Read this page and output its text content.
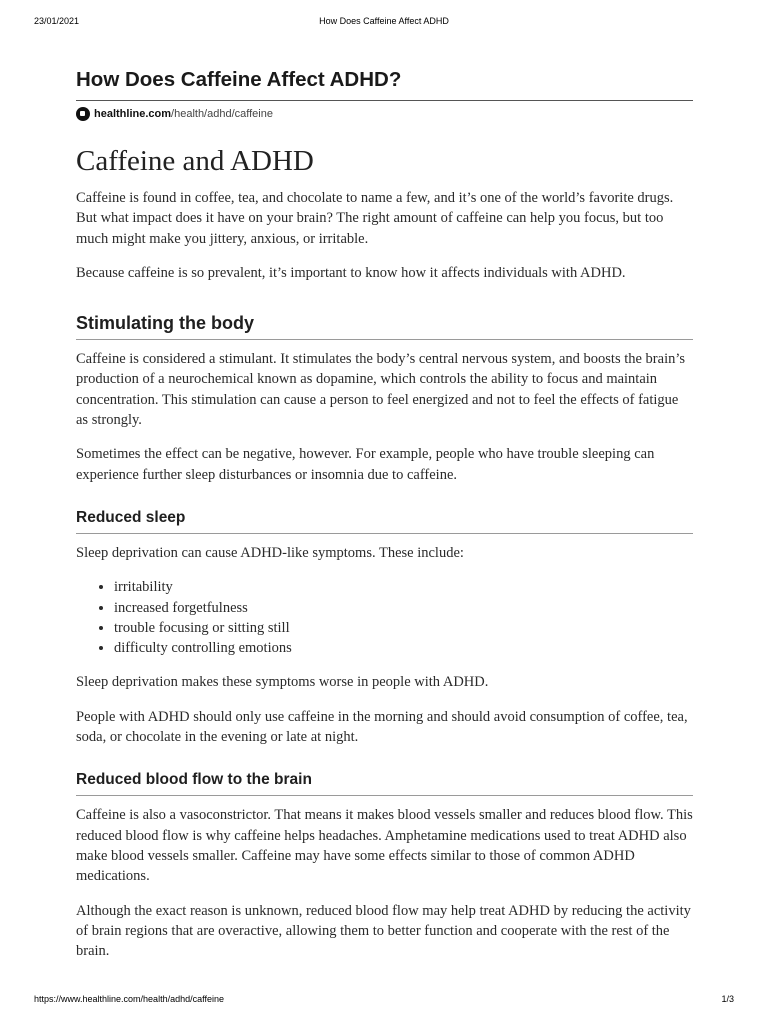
23/01/2021	How Does Caffeine Affect ADHD
How Does Caffeine Affect ADHD?
healthline.com /health/adhd/caffeine
Caffeine and ADHD

Caffeine is found in coffee, tea, and chocolate to name a few, and it’s one of the world’s favorite drugs. But what impact does it have on your brain? The right amount of caffeine can help you focus, but too much might make you jittery, anxious, or irritable.

Because caffeine is so prevalent, it’s important to know how it affects individuals with ADHD.

Stimulating the body

Caffeine is considered a stimulant. It stimulates the body’s central nervous system, and boosts the brain’s production of a neurochemical known as dopamine, which controls the ability to focus and maintain concentration. This stimulation can cause a person to feel energized and not to feel the effects of fatigue as strongly.

Sometimes the effect can be negative, however. For example, people who have trouble sleeping can experience further sleep disturbances or insomnia due to caffeine.

Reduced sleep

Sleep deprivation can cause ADHD-like symptoms. These include:

• irritability
• increased forgetfulness
• trouble focusing or sitting still
• difficulty controlling emotions

Sleep deprivation makes these symptoms worse in people with ADHD.

People with ADHD should only use caffeine in the morning and should avoid consumption of coffee, tea, soda, or chocolate in the evening or late at night.

Reduced blood flow to the brain

Caffeine is also a vasoconstrictor. That means it makes blood vessels smaller and reduces blood flow. This reduced blood flow is why caffeine helps headaches. Amphetamine medications used to treat ADHD also make blood vessels smaller. Caffeine may have some effects similar to those of common ADHD medications.

Although the exact reason is unknown, reduced blood flow may help treat ADHD by reducing the activity of brain regions that are overactive, allowing them to better function and cooperate with the rest of the brain.

https://www.healthline.com/health/adhd/caffeine	1/3
